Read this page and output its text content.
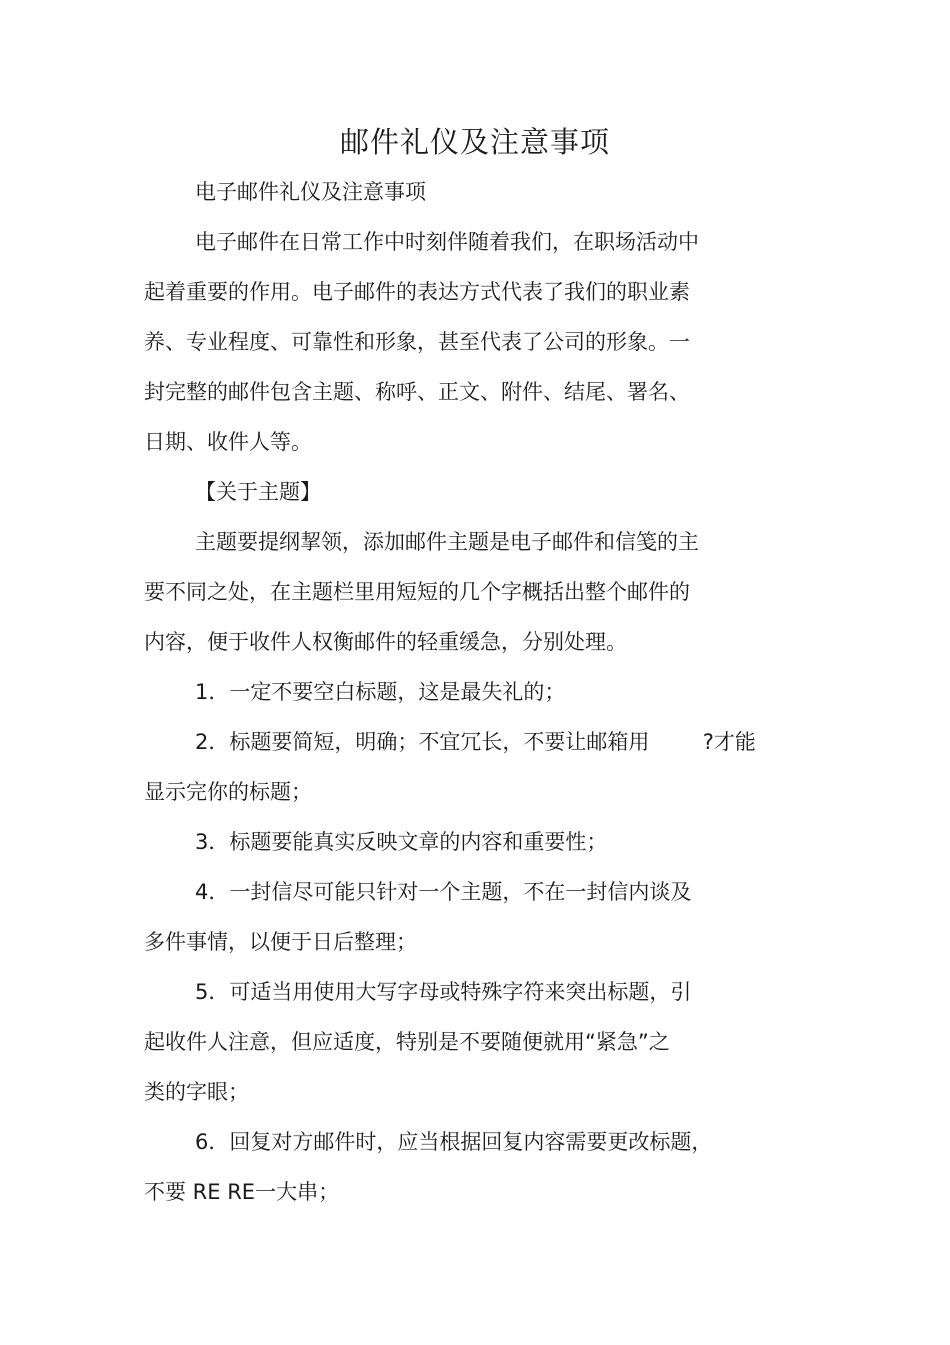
邮件礼仪及注意事项

电子邮件礼仪及注意事项

电子邮件在日常工作中时刻伴随着我们，在职场活动中

起着重要的作用。电子邮件的表达方式代表了我们的职业素

养、专业程度、可靠性和形象，甚至代表了公司的形象。一

封完整的邮件包含主题、称呼、正文、附件、结尾、署名、

日期、收件人等。

【关于主题】

主题要提纲挈领，添加邮件主题是电子邮件和信笺的主

要不同之处，在主题栏里用短短的几个字概括出整个邮件的

内容，便于收件人权衡邮件的轻重缓急，分别处理。

1．一定不要空白标题，这是最失礼的；

2．标题要简短，明确；不宜冗长，不要让邮箱用        ?才能

显示完你的标题；

3．标题要能真实反映文章的内容和重要性；

4．一封信尽可能只针对一个主题，不在一封信内谈及

多件事情，以便于日后整理；

5．可适当用使用大写字母或特殊字符来突出标题，引

起收件人注意，但应适度，特别是不要随便就用“紧急”之

类的字眼；

6．回复对方邮件时，应当根据回复内容需要更改标题，

不要 RE RE一大串；
